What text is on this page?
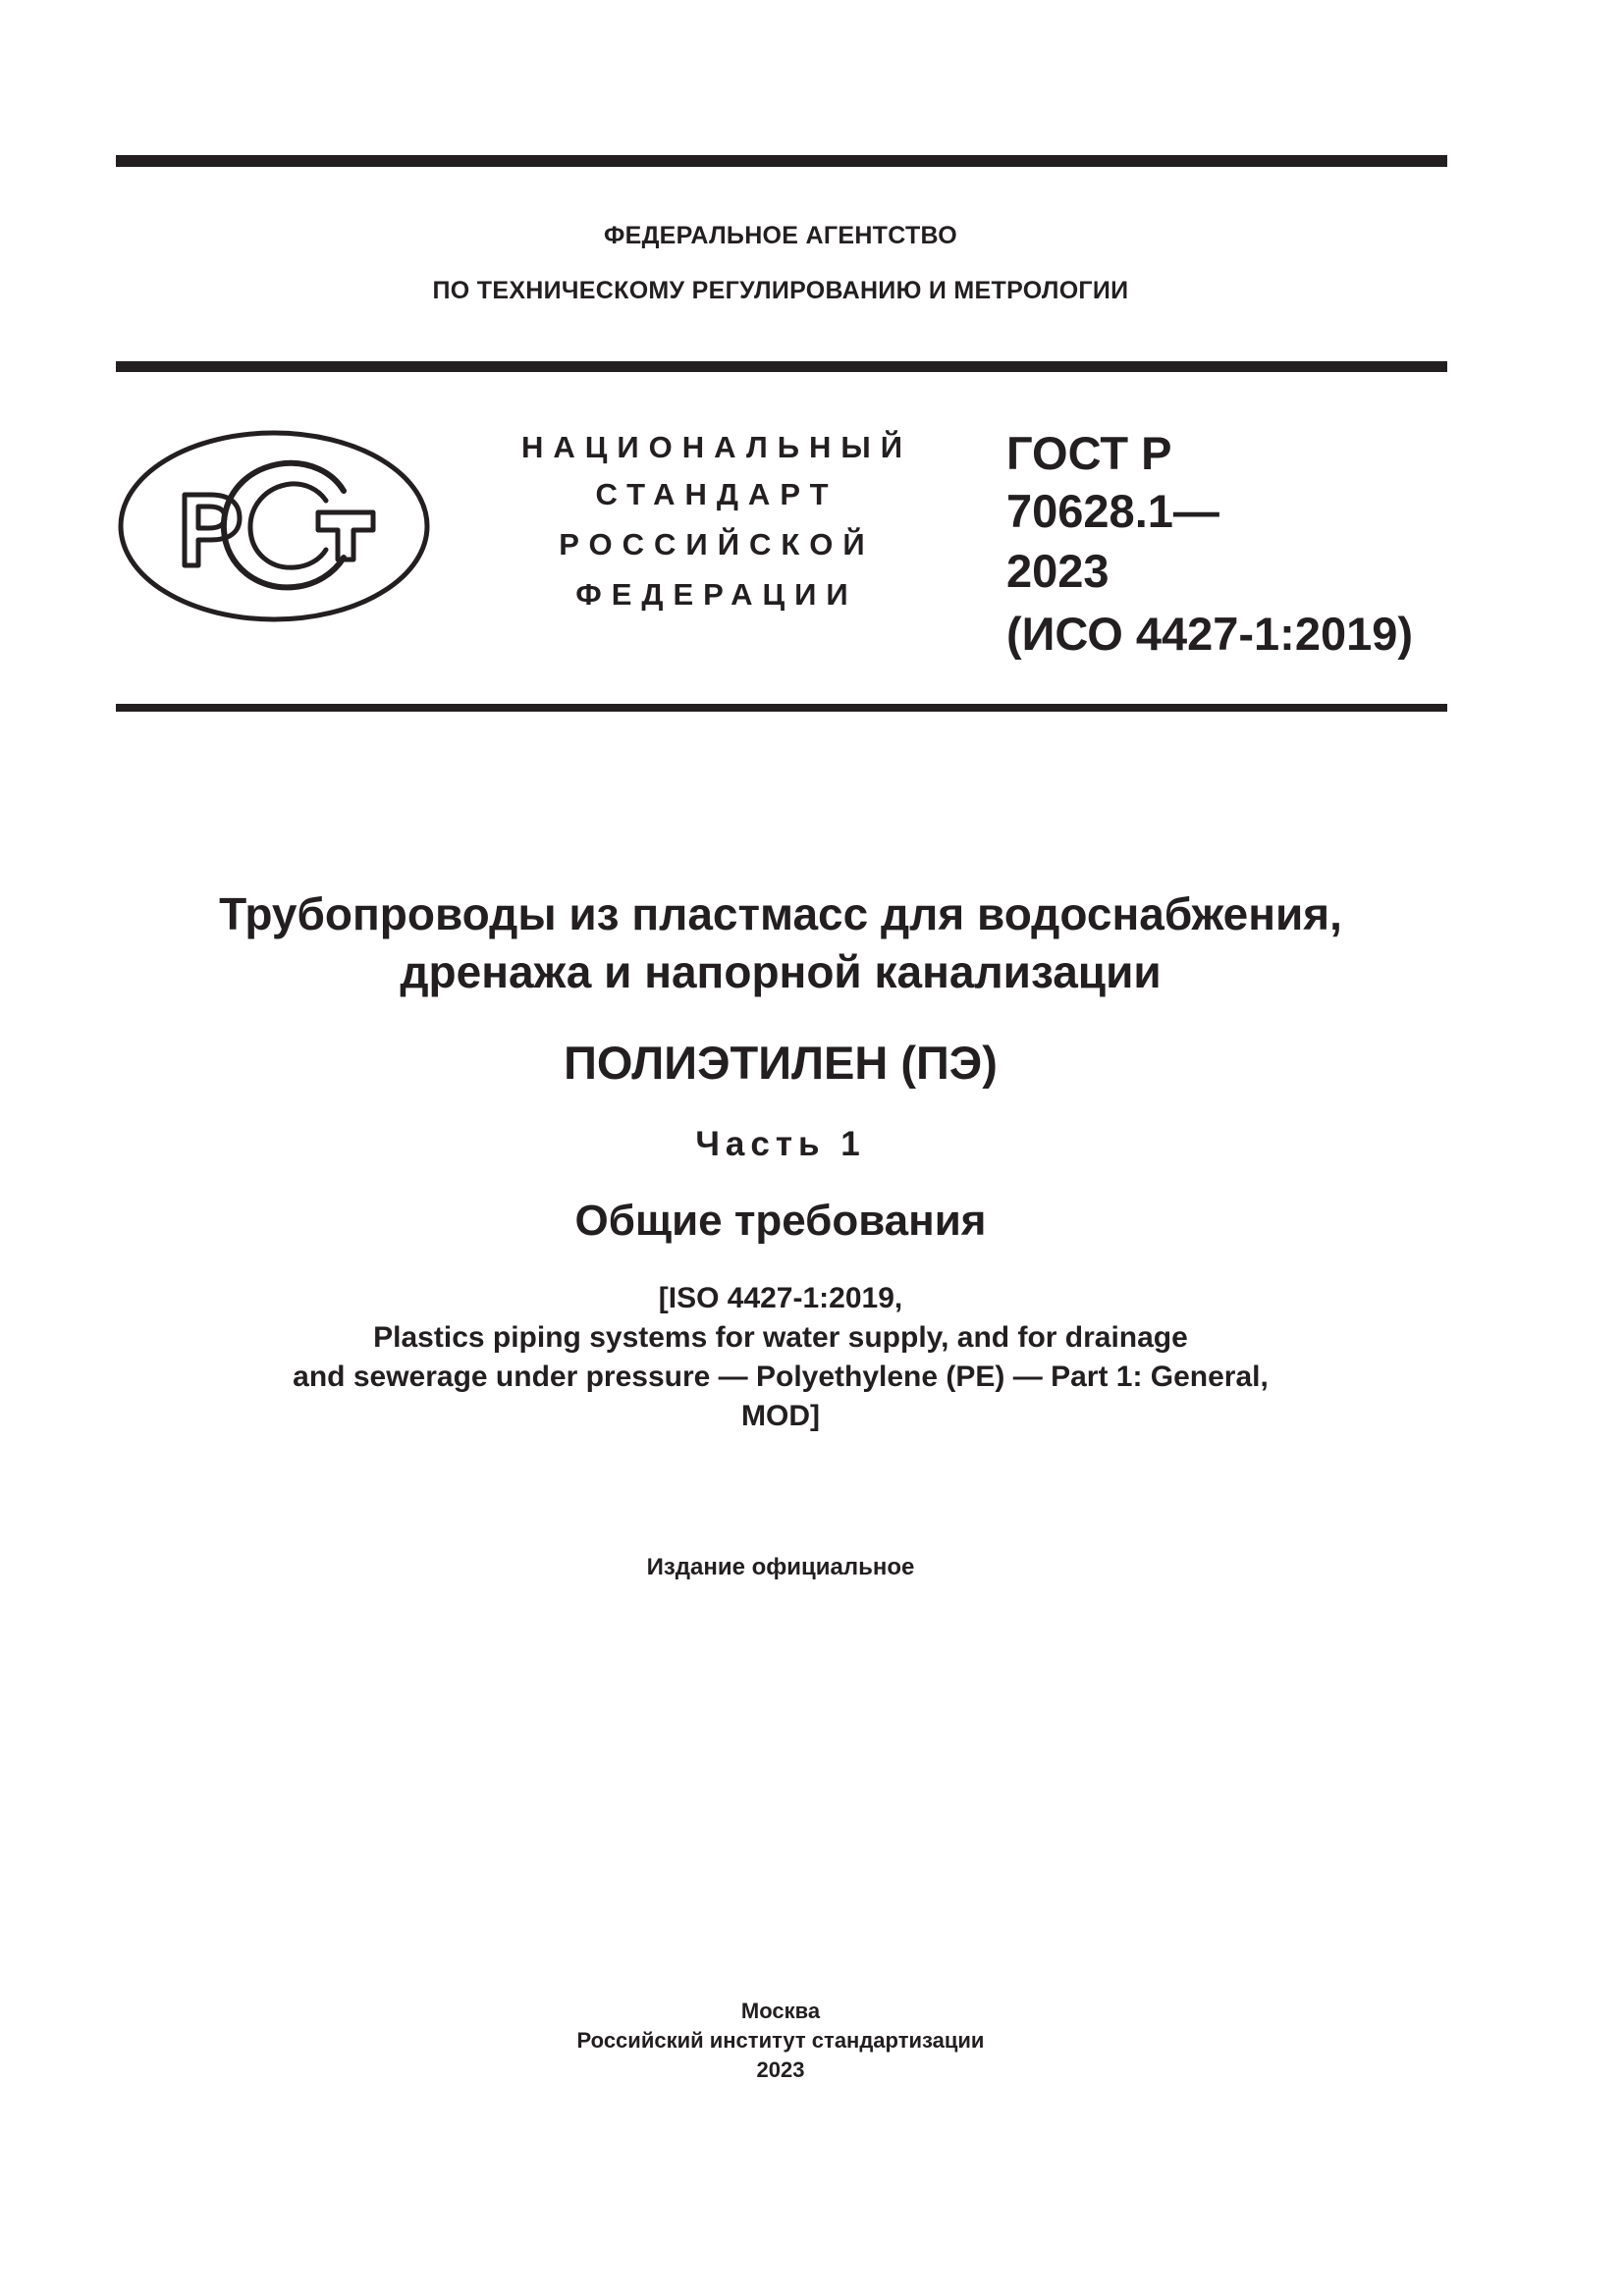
ФЕДЕРАЛЬНОЕ АГЕНТСТВО
ПО ТЕХНИЧЕСКОМУ РЕГУЛИРОВАНИЮ И МЕТРОЛОГИИ
НАЦИОНАЛЬНЫЙ
СТАНДАРТ
РОССИЙСКОЙ
ФЕДЕРАЦИИ
ГОСТ Р
70628.1—
2023
(ИСО 4427-1:2019)
Трубопроводы из пластмасс для водоснабжения,
дренажа и напорной канализации
ПОЛИЭТИЛЕН (ПЭ)
Часть 1
Общие требования
[ISO 4427-1:2019,
Plastics piping systems for water supply, and for drainage
and sewerage under pressure — Polyethylene (PE) — Part 1: General,
MOD]
Издание официальное
Москва
Российский институт стандартизации
2023
